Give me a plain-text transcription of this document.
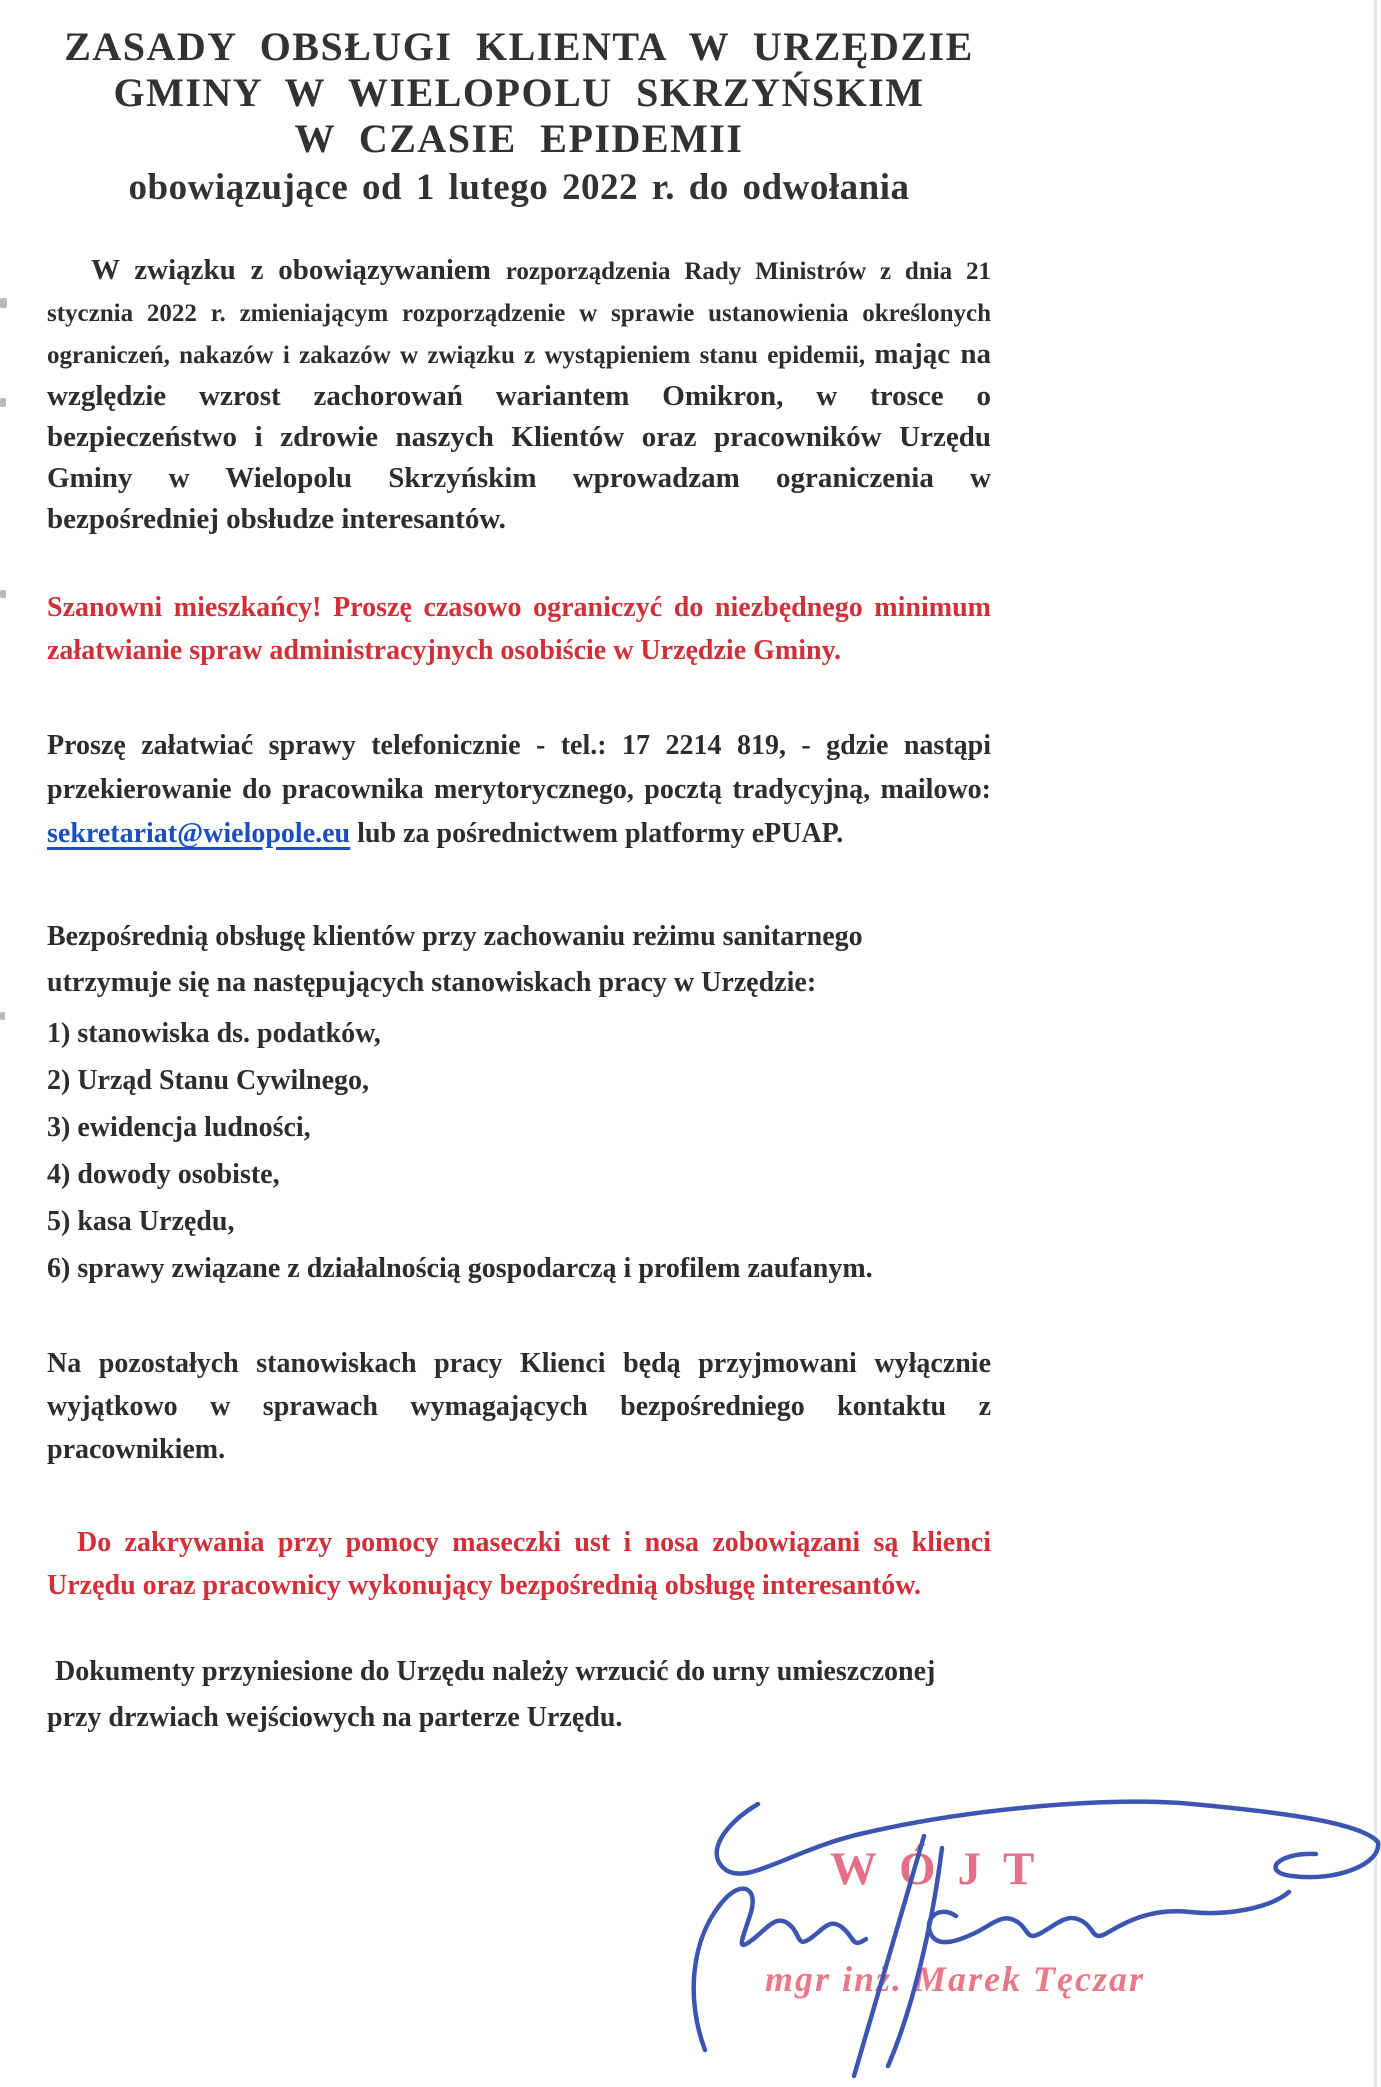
ZASADY OBSŁUGI KLIENTA W URZĘDZIE
GMINY W WIELOPOLU SKRZYŃSKIM
W CZASIE EPIDEMII
obowiązujące od 1 lutego 2022 r. do odwołania

W związku z obowiązywaniem rozporządzenia Rady Ministrów z dnia 21 stycznia 2022 r. zmieniającym rozporządzenie w sprawie ustanowienia określonych ograniczeń, nakazów i zakazów w związku z wystąpieniem stanu epidemii, mając na względzie wzrost zachorowań wariantem Omikron, w trosce o bezpieczeństwo i zdrowie naszych Klientów oraz pracowników Urzędu Gminy w Wielopolu Skrzyńskim wprowadzam ograniczenia w bezpośredniej obsłudze interesantów.

Szanowni mieszkańcy! Proszę czasowo ograniczyć do niezbędnego minimum załatwianie spraw administracyjnych osobiście w Urzędzie Gminy.

Proszę załatwiać sprawy telefonicznie - tel.: 17 2214 819, - gdzie nastąpi przekierowanie do pracownika merytorycznego, pocztą tradycyjną, mailowo: sekretariat@wielopole.eu lub za pośrednictwem platformy ePUAP.

Bezpośrednią obsługę klientów przy zachowaniu reżimu sanitarnego utrzymuje się na następujących stanowiskach pracy w Urzędzie:

1) stanowiska ds. podatków,

2) Urząd Stanu Cywilnego,

3) ewidencja ludności,

4) dowody osobiste,

5) kasa Urzędu,

6) sprawy związane z działalnością gospodarczą i profilem zaufanym.

Na pozostałych stanowiskach pracy Klienci będą przyjmowani wyłącznie wyjątkowo w sprawach wymagających bezpośredniego kontaktu z pracownikiem.

Do zakrywania przy pomocy maseczki ust i nosa zobowiązani są klienci Urzędu oraz pracownicy wykonujący bezpośrednią obsługę interesantów.

Dokumenty przyniesione do Urzędu należy wrzucić do urny umieszczonej przy drzwiach wejściowych na parterze Urzędu.

WÓJT
mgr inż. Marek Tęczar
